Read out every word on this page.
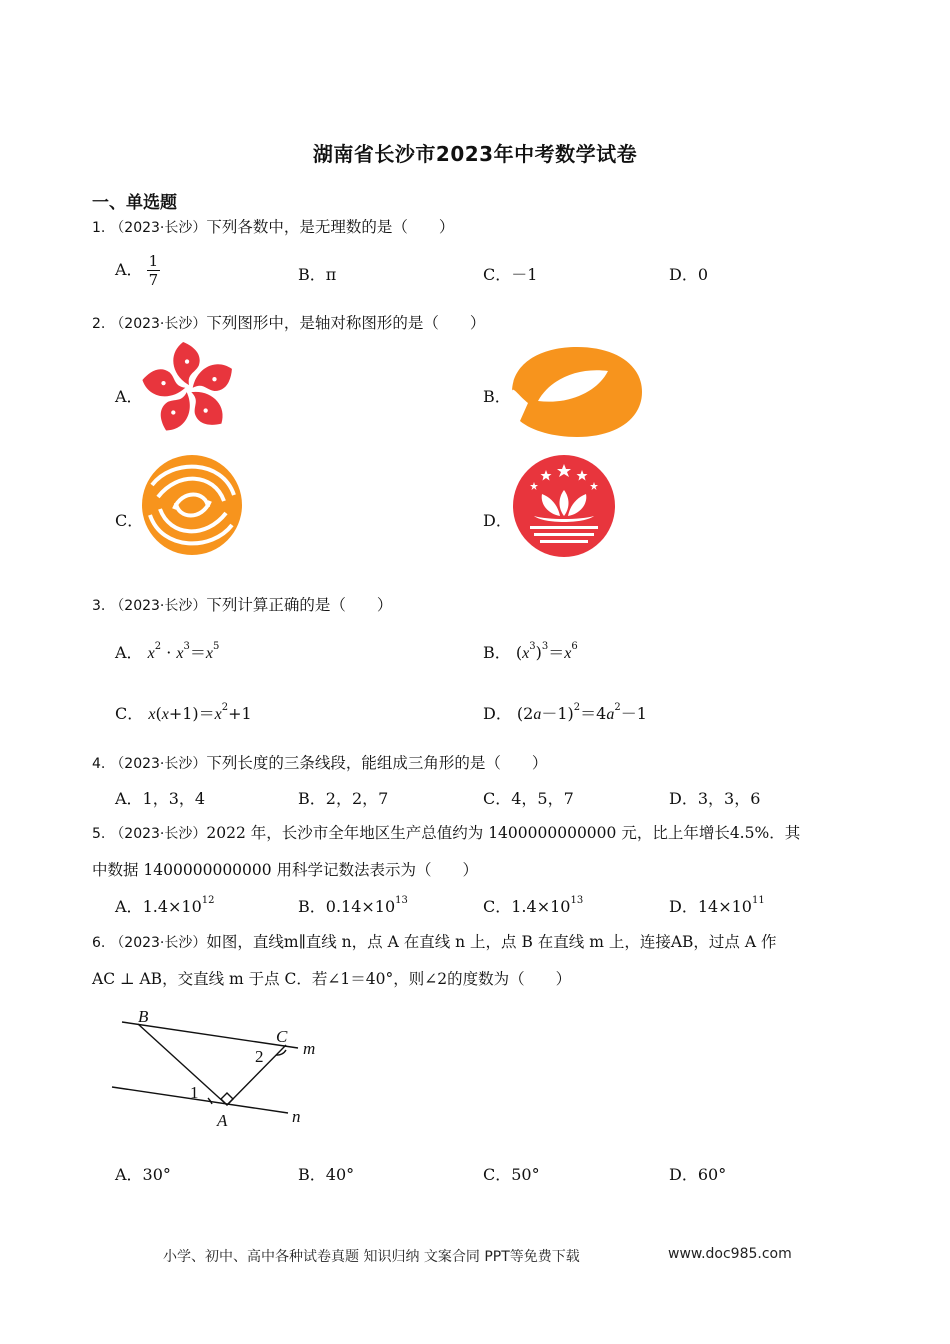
湖南省长沙市2023年中考数学试卷
一、单选题
1. （2023·长沙）下列各数中，是无理数的是（　　）
A． $\frac{1}{7}$	B．π	C．－1	D．0
2. （2023·长沙）下列图形中，是轴对称图形的是（　　）
A．	B．
C．	D．
3. （2023·长沙）下列计算正确的是（　　）
A． $x^2 \cdot x^3=x^5$	B． $(x^3)^3=x^6$
C． $x(x+1)=x^2+1$	D． $(2a-1)^2=4a^2-1$
4. （2023·长沙）下列长度的三条线段，能组成三角形的是（　　）
A．1，3，4	B．2，2，7	C．4，5，7	D．3，3，6
5. （2023·长沙）2022 年，长沙市全年地区生产总值约为 1400000000000 元，比上年增长4.5%．其
中数据 1400000000000 用科学记数法表示为（　　）
A．$1.4\times 10^{12}$	B．$0.14\times 10^{13}$	C．$1.4\times 10^{13}$	D．$14\times 10^{11}$
6. （2023·长沙）如图，直线m∥直线 n，点 A 在直线 n 上，点 B 在直线 m 上，连接AB，过点 A 作
AC ⊥ AB，交直线 m 于点 C．若∠1＝40°，则∠2的度数为（　　）
B
C
A
m
n
1
2
A．30°	B．40°	C．50°	D．60°
小学、初中、高中各种试卷真题 知识归纳 文案合同 PPT等免费下载	www.doc985.com
